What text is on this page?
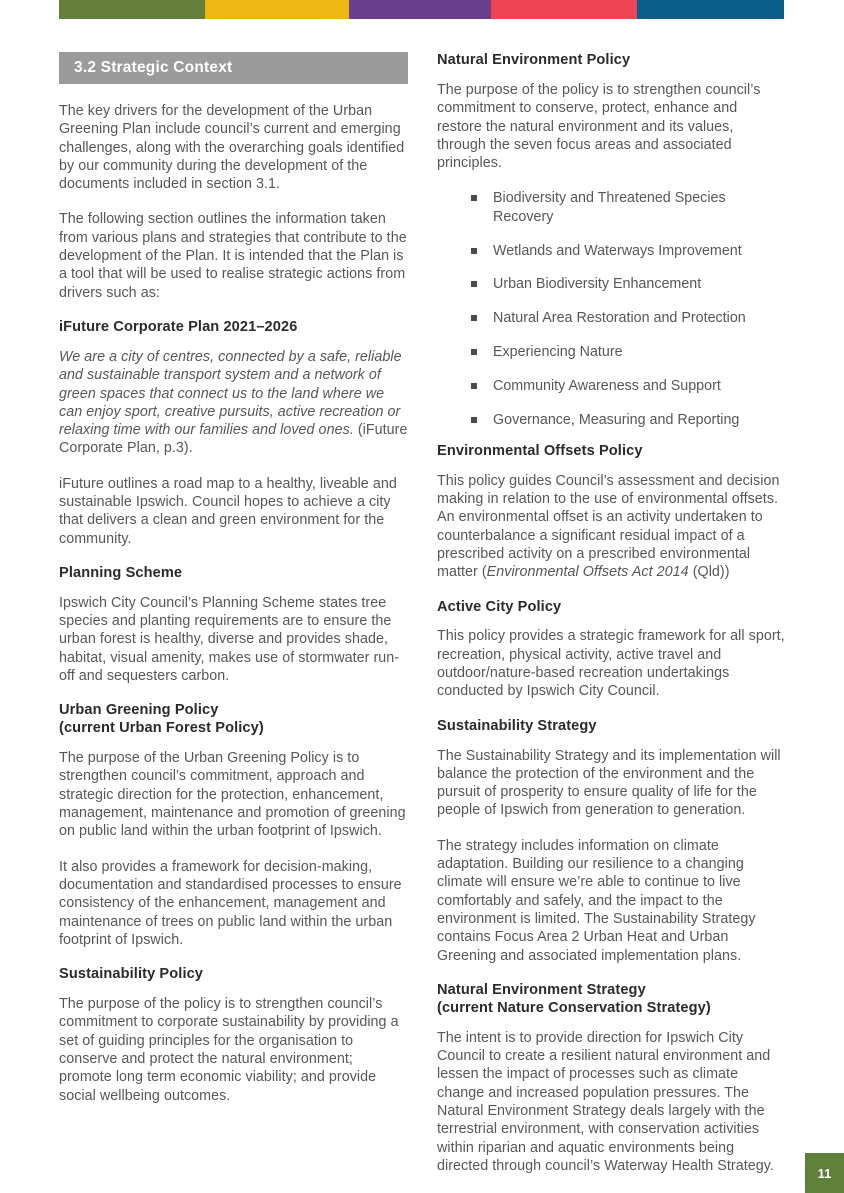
3.2 Strategic Context

The key drivers for the development of the Urban Greening Plan include council’s current and emerging challenges, along with the overarching goals identified by our community during the development of the documents included in section 3.1.

The following section outlines the information taken from various plans and strategies that contribute to the development of the Plan. It is intended that the Plan is a tool that will be used to realise strategic actions from drivers such as:

iFuture Corporate Plan 2021–2026

We are a city of centres, connected by a safe, reliable and sustainable transport system and a network of green spaces that connect us to the land where we can enjoy sport, creative pursuits, active recreation or relaxing time with our families and loved ones. (iFuture Corporate Plan, p.3).

iFuture outlines a road map to a healthy, liveable and sustainable Ipswich. Council hopes to achieve a city that delivers a clean and green environment for the community.

Planning Scheme

Ipswich City Council’s Planning Scheme states tree species and planting requirements are to ensure the urban forest is healthy, diverse and provides shade, habitat, visual amenity, makes use of stormwater run-off and sequesters carbon.

Urban Greening Policy
(current Urban Forest Policy)

The purpose of the Urban Greening Policy is to strengthen council’s commitment, approach and strategic direction for the protection, enhancement, management, maintenance and promotion of greening on public land within the urban footprint of Ipswich.

It also provides a framework for decision-making, documentation and standardised processes to ensure consistency of the enhancement, management and maintenance of trees on public land within the urban footprint of Ipswich.

Sustainability Policy

The purpose of the policy is to strengthen council’s commitment to corporate sustainability by providing a set of guiding principles for the organisation to conserve and protect the natural environment; promote long term economic viability; and provide social wellbeing outcomes.

Natural Environment Policy

The purpose of the policy is to strengthen council’s commitment to conserve, protect, enhance and restore the natural environment and its values, through the seven focus areas and associated principles.

Biodiversity and Threatened Species Recovery
Wetlands and Waterways Improvement
Urban Biodiversity Enhancement
Natural Area Restoration and Protection
Experiencing Nature
Community Awareness and Support
Governance, Measuring and Reporting
Environmental Offsets Policy

This policy guides Council’s assessment and decision making in relation to the use of environmental offsets. An environmental offset is an activity undertaken to counterbalance a significant residual impact of a prescribed activity on a prescribed environmental matter (Environmental Offsets Act 2014 (Qld))

Active City Policy

This policy provides a strategic framework for all sport, recreation, physical activity, active travel and outdoor/nature-based recreation undertakings conducted by Ipswich City Council.

Sustainability Strategy

The Sustainability Strategy and its implementation will balance the protection of the environment and the pursuit of prosperity to ensure quality of life for the people of Ipswich from generation to generation.

The strategy includes information on climate adaptation. Building our resilience to a changing climate will ensure we’re able to continue to live comfortably and safely, and the impact to the environment is limited. The Sustainability Strategy contains Focus Area 2 Urban Heat and Urban Greening and associated implementation plans.

Natural Environment Strategy
(current Nature Conservation Strategy)

The intent is to provide direction for Ipswich City Council to create a resilient natural environment and lessen the impact of processes such as climate change and increased population pressures. The Natural Environment Strategy deals largely with the terrestrial environment, with conservation activities within riparian and aquatic environments being directed through council’s Waterway Health Strategy.	11
